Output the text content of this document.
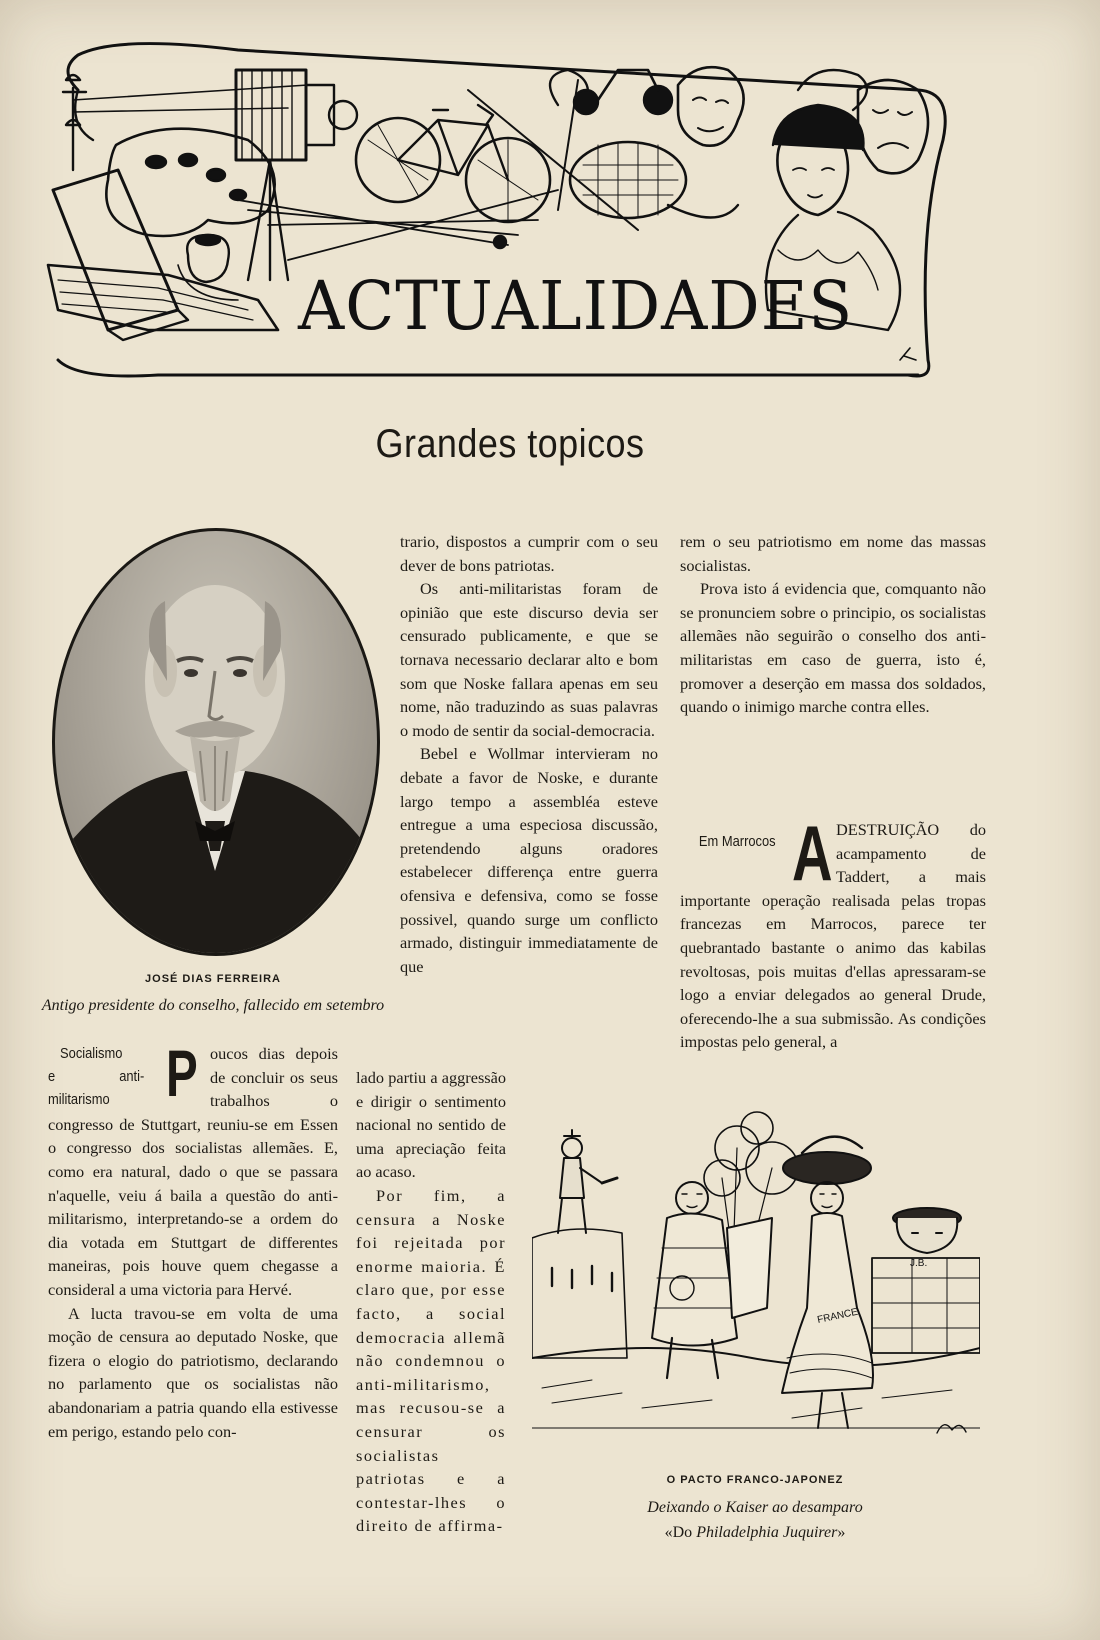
ACTUALIDADES
Grandes topicos
JOSÉ DIAS FERREIRA
Antigo presidente do conselho, fallecido em setembro
Socialismo
e anti-militarismo P oucos dias depois de concluir os seus trabalhos o congresso de Stuttgart, reuniu-se em Essen o congresso dos socialistas allemães. E, como era natural, dado o que se passara n'aquelle, veiu á baila a questão do anti-militarismo, interpretando-se a ordem do dia votada em Stuttgart de differentes maneiras, pois houve quem chegasse a consideral a uma victoria para Hervé.

A lucta travou-se em volta de uma moção de censura ao deputado Noske, que fizera o elogio do patriotismo, declarando no parlamento que os socialistas não abandonariam a patria quando ella estivesse em perigo, estando pelo con-

trario, dispostos a cumprir com o seu dever de bons patriotas.

Os anti-militaristas foram de opinião que este discurso devia ser censurado publicamente, e que se tornava necessario declarar alto e bom som que Noske fallara apenas em seu nome, não traduzindo as suas palavras o modo de sentir da social-democracia.

Bebel e Wollmar intervieram no debate a favor de Noske, e durante largo tempo a assembléa esteve entregue a uma especiosa discussão, pretendendo alguns oradores estabelecer differença entre guerra ofensiva e defensiva, como se fosse possivel, quando surge um conflicto armado, distinguir immediatamente de que

lado partiu a aggressão e dirigir o sentimento nacional no sentido de uma apreciação feita ao acaso.

Por fim, a censura a Noske foi rejeitada por enorme maioria. É claro que, por esse facto, a social democracia allemã não condemnou o anti-militarismo, mas recusou-se a censurar os socialistas patriotas e a contestar-lhes o direito de affirma-

rem o seu patriotismo em nome das massas socialistas.

Prova isto á evidencia que, comquanto não se pronunciem sobre o principio, os socialistas allemães não seguirão o conselho dos anti-militaristas em caso de guerra, isto é, promover a deserção em massa dos soldados, quando o inimigo marche contra elles.

Em Marrocos A DESTRUIÇÃO do acampamento de Taddert, a mais importante operação realisada pelas tropas francezas em Marrocos, parece ter quebrantado bastante o animo das kabilas revoltosas, pois muitas d'ellas apressaram-se logo a enviar delegados ao general Drude, oferecendo-lhe a sua submissão. As condições impostas pelo general, a

FRANCE
J.B.
O PACTO FRANCO-JAPONEZ
Deixando o Kaiser ao desamparo
«Do Philadelphia Juquirer»
